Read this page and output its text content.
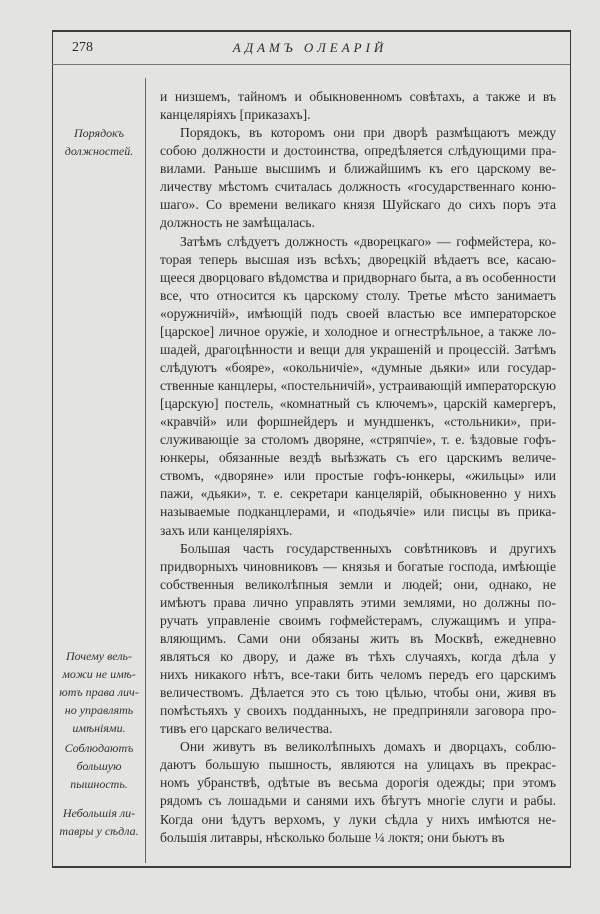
278	АДАМЪ ОЛЕАРІЙ
Порядокъ
должностей.
Почему вель-
можи не имѣ-
ютъ права лич-
но управлять
имѣніями.
Соблюдаютъ
большую
пышность.
Небольшія ли-
тавры у сѣдла.
и низшемъ, тайномъ и обыкновенномъ совѣтахъ, а также и въ
канцеляріяхъ [приказахъ].
Порядокъ, въ которомъ они при дворѣ размѣщаютъ между
собою должности и достоинства, опредѣляется слѣдующими пра-
вилами. Раньше высшимъ и ближайшимъ къ его царскому ве-
личеству мѣстомъ считалась должность «государственнаго коню-
шаго». Со времени великаго князя Шуйскаго до сихъ поръ эта
должность не замѣщалась.
Затѣмъ слѣдуетъ должность «дворецкаго» — гофмейстера, ко-
торая теперь высшая изъ всѣхъ; дворецкій вѣдаетъ все, касаю-
щееся дворцоваго вѣдомства и придворнаго быта, а въ особенности
все, что относится къ царскому столу. Третье мѣсто занимаетъ
«оружничій», имѣющій подъ своей властью все императорское
[царское] личное оружіе, и холодное и огнестрѣльное, а также ло-
шадей, драгоцѣнности и вещи для украшеній и процессій. Затѣмъ
слѣдуютъ «бояре», «окольничіе», «думные дьяки» или государ-
ственные канцлеры, «постельничій», устраивающій императорскую
[царскую] постель, «комнатный съ ключемъ», царскій камергеръ,
«кравчій» или форшнейдеръ и мундшенкъ, «стольники», при-
служивающіе за столомъ дворяне, «стряпчіе», т. е. ѣздовые гофъ-
юнкеры, обязанные вездѣ выѣзжать съ его царскимъ величе-
ствомъ, «дворяне» или простые гофъ-юнкеры, «жильцы» или
пажи, «дьяки», т. е. секретари канцелярій, обыкновенно у нихъ
называемые подканцлерами, и «подьячіе» или писцы въ прика-
захъ или канцеляріяхъ.
Большая часть государственныхъ совѣтниковъ и другихъ
придворныхъ чиновниковъ — князья и богатые господа, имѣющіе
собственныя великолѣпныя земли и людей; они, однако, не
имѣютъ права лично управлять этими землями, но должны по-
ручать управленіе своимъ гофмейстерамъ, служащимъ и упра-
вляющимъ. Сами они обязаны жить въ Москвѣ, ежедневно
являться ко двору, и даже въ тѣхъ случаяхъ, когда дѣла у
нихъ никакого нѣтъ, все-таки бить челомъ передъ его царскимъ
величествомъ. Дѣлается это съ тою цѣлью, чтобы они, живя въ
помѣстьяхъ у своихъ подданныхъ, не предприняли заговора про-
тивъ его царскаго величества.
Они живутъ въ великолѣпныхъ домахъ и дворцахъ, соблю-
даютъ большую пышность, являются на улицахъ въ прекрас-
номъ убранствѣ, одѣтые въ весьма дорогія одежды; при этомъ
рядомъ съ лошадьми и санями ихъ бѣгутъ многіе слуги и рабы.
Когда они ѣдутъ верхомъ, у луки сѣдла у нихъ имѣются не-
большія литавры, нѣсколько больше ¼ локтя; они бьютъ въ
